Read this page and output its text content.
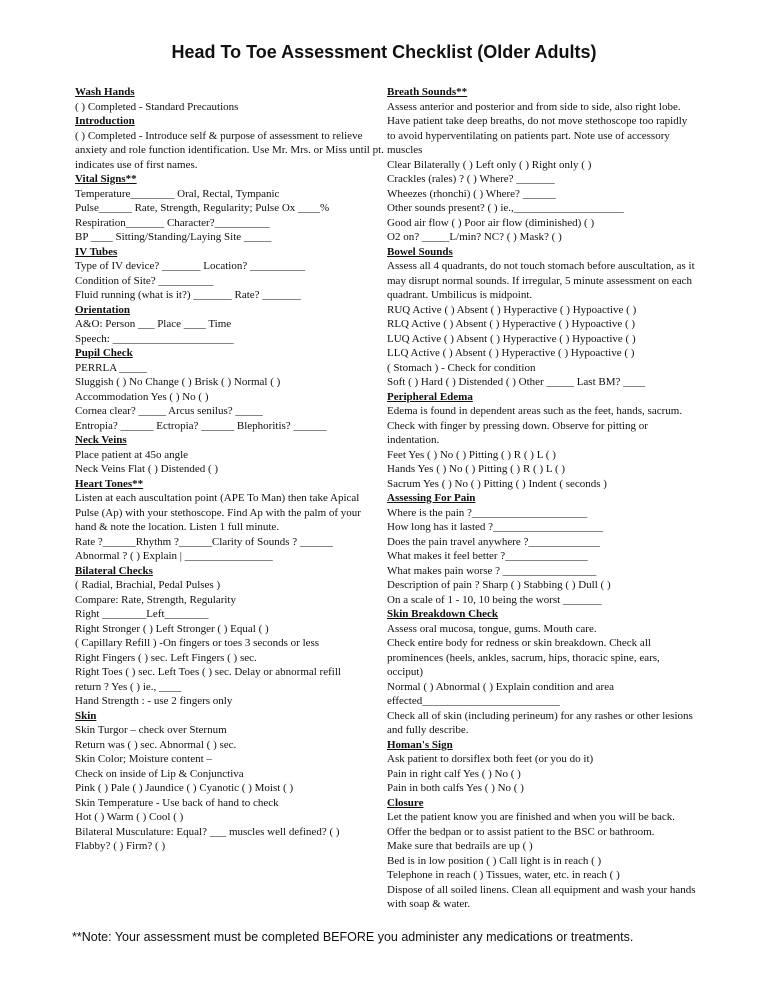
Head To Toe Assessment Checklist (Older Adults)
Wash Hands
( ) Completed - Standard Precautions
Introduction
( ) Completed - Introduce self & purpose of assessment to relieve anxiety and role function identification. Use Mr. Mrs. or Miss until pt. indicates use of first names.
Vital Signs**
Temperature________ Oral, Rectal, Tympanic
Pulse______ Rate, Strength, Regularity; Pulse Ox ____%
Respiration_______ Character?__________
BP ____ Sitting/Standing/Laying Site _____
IV Tubes
Type of IV device? _______ Location? __________
Condition of Site? __________
Fluid running (what is it?) _______ Rate? _______
Orientation
A&O: Person ___ Place ____ Time
Speech: ______________________
Pupil Check
PERRLA _____
Sluggish ( ) No Change ( ) Brisk ( ) Normal ( )
Accommodation Yes ( ) No ( )
Cornea clear? _____ Arcus senilus? _____
Entropia? ______ Ectropia? ______ Blephoritis? ______
Neck Veins
Place patient at 45o angle
Neck Veins Flat ( ) Distended ( )
Heart Tones**
Listen at each auscultation point (APE To Man) then take Apical Pulse (Ap) with your stethoscope. Find Ap with the palm of your hand & note the location. Listen 1 full minute.
Rate ?______Rhythm ?______Clarity of Sounds ? ______
Abnormal ? ( ) Explain | ________________
Bilateral Checks
( Radial, Brachial, Pedal Pulses )
Compare: Rate, Strength, Regularity
Right ________Left________
Right Stronger ( ) Left Stronger ( ) Equal ( )
( Capillary Refill ) -On fingers or toes 3 seconds or less
Right Fingers ( ) sec. Left Fingers ( ) sec.
Right Toes ( ) sec. Left Toes ( ) sec. Delay or abnormal refill
return ? Yes ( ) ie., ____
Hand Strength : - use 2 fingers only
Skin
Skin Turgor – check over Sternum
Return was ( ) sec. Abnormal ( ) sec.
Skin Color; Moisture content –
Check on inside of Lip & Conjunctiva
Pink ( ) Pale ( ) Jaundice ( ) Cyanotic ( ) Moist ( )
Skin Temperature - Use back of hand to check
Hot ( ) Warm ( ) Cool ( )
Bilateral Musculature: Equal? ___ muscles well defined? ( )
Flabby? ( ) Firm? ( )
Breath Sounds**
Assess anterior and posterior and from side to side, also right lobe. Have patient take deep breaths, do not move stethoscope too rapidly to avoid hyperventilating on patients part. Note use of accessory muscles
Clear Bilaterally ( ) Left only ( ) Right only ( )
Crackles (rales) ? ( ) Where? _______
Wheezes (rhonchi) ( ) Where? ______
Other sounds present? ( ) ie.,____________________
Good air flow ( ) Poor air flow (diminished) ( )
O2 on? _____L/min? NC? ( ) Mask? ( )
Bowel Sounds
Assess all 4 quadrants, do not touch stomach before auscultation, as it may disrupt normal sounds. If irregular, 5 minute assessment on each quadrant. Umbilicus is midpoint.
RUQ Active ( ) Absent ( ) Hyperactive ( ) Hypoactive ( )
RLQ Active ( ) Absent ( ) Hyperactive ( ) Hypoactive ( )
LUQ Active ( ) Absent ( ) Hyperactive ( ) Hypoactive ( )
LLQ Active ( ) Absent ( ) Hyperactive ( ) Hypoactive ( )
( Stomach ) - Check for condition
Soft ( ) Hard ( ) Distended ( ) Other _____ Last BM? ____
Peripheral Edema
Edema is found in dependent areas such as the feet, hands, sacrum. Check with finger by pressing down. Observe for pitting or indentation.
Feet Yes ( ) No ( ) Pitting ( ) R ( ) L ( )
Hands Yes ( ) No ( ) Pitting ( ) R ( ) L ( )
Sacrum Yes ( ) No ( ) Pitting ( ) Indent ( seconds )
Assessing For Pain
Where is the pain ?_____________________
How long has it lasted ?____________________
Does the pain travel anywhere ?_____________
What makes it feel better ?_______________
What makes pain worse ? _________________
Description of pain ? Sharp ( ) Stabbing ( ) Dull ( )
On a scale of 1 - 10, 10 being the worst _______
Skin Breakdown Check
Assess oral mucosa, tongue, gums. Mouth care.
Check entire body for redness or skin breakdown. Check all prominences (heels, ankles, sacrum, hips, thoracic spine, ears, occiput)
Normal ( ) Abnormal ( ) Explain condition and area effected_________________________
Check all of skin (including perineum) for any rashes or other lesions and fully describe.
Homan's Sign
Ask patient to dorsiflex both feet (or you do it)
Pain in right calf Yes ( ) No ( )
Pain in both calfs Yes ( ) No ( )
Closure
Let the patient know you are finished and when you will be back. Offer the bedpan or to assist patient to the BSC or bathroom.
Make sure that bedrails are up ( )
Bed is in low position ( ) Call light is in reach ( )
Telephone in reach ( ) Tissues, water, etc. in reach ( )
Dispose of all soiled linens. Clean all equipment and wash your hands with soap & water.
**Note: Your assessment must be completed BEFORE you administer any medications or treatments.
